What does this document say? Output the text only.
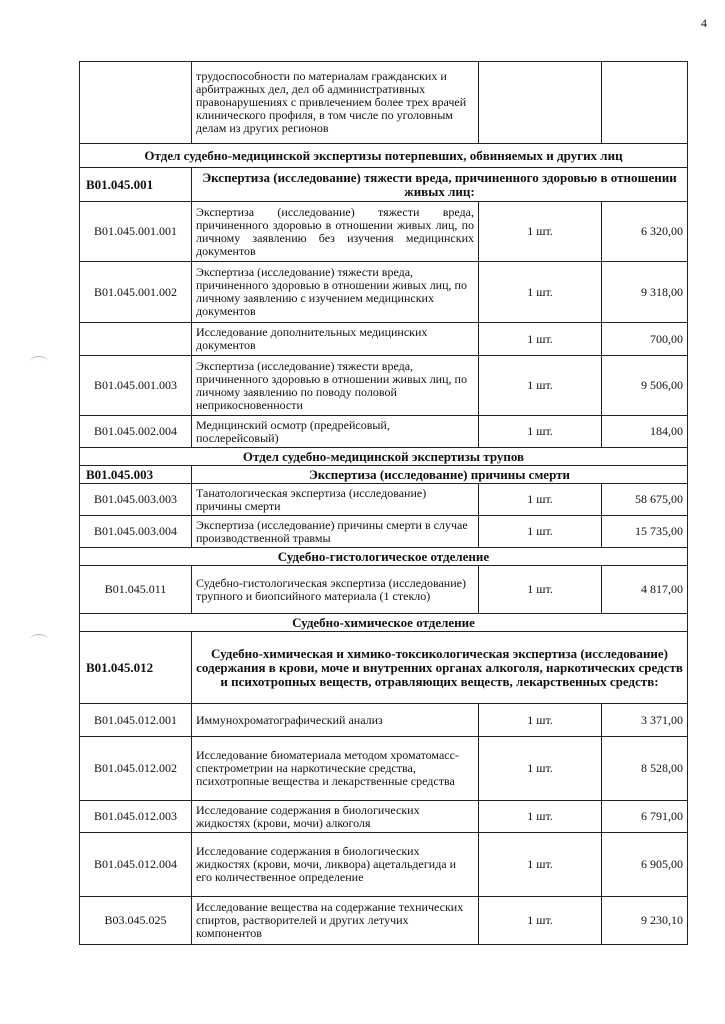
4
	трудоспособности по материалам гражданских и арбитражных дел, дел об административных правонарушениях с привлечением более трех врачей клинического профиля, в том числе по уголовным делам из других регионов		
Отдел судебно-медицинской экспертизы потерпевших, обвиняемых и других лиц			
В01.045.001	Экспертиза (исследование) тяжести вреда, причиненного здоровью в отношении живых лиц:		
В01.045.001.001	Экспертиза (исследование) тяжести вреда, причиненного здоровью в отношении живых лиц, по личному заявлению без изучения медицинских документов	1 шт.	6 320,00
В01.045.001.002	Экспертиза (исследование) тяжести вреда, причиненного здоровью в отношении живых лиц, по личному заявлению с изучением медицинских документов	1 шт.	9 318,00
	Исследование дополнительных медицинских документов	1 шт.	700,00
В01.045.001.003	Экспертиза (исследование) тяжести вреда, причиненного здоровью в отношении живых лиц, по личному заявлению по поводу половой неприкосновенности	1 шт.	9 506,00
В01.045.002.004	Медицинский осмотр (предрейсовый, послерейсовый)	1 шт.	184,00
Отдел судебно-медицинской экспертизы трупов			
В01.045.003	Экспертиза (исследование) причины смерти		
В01.045.003.003	Танатологическая экспертиза (исследование) причины смерти	1 шт.	58 675,00
В01.045.003.004	Экспертиза (исследование) причины смерти в случае производственной травмы	1 шт.	15 735,00
Судебно-гистологическое отделение			
В01.045.011	Судебно-гистологическая экспертиза (исследование) трупного и биопсийного материала (1 стекло)	1 шт.	4 817,00
Судебно-химическое отделение			
В01.045.012	Судебно-химическая и химико-токсикологическая экспертиза (исследование) содержания в крови, моче и внутренних органах алкоголя, наркотических средств и психотропных веществ, отравляющих веществ, лекарственных средств:		
В01.045.012.001	Иммунохроматографический анализ	1 шт.	3 371,00
В01.045.012.002	Исследование биоматериала методом хроматомасс-спектрометрии на наркотические средства, психотропные вещества и лекарственные средства	1 шт.	8 528,00
В01.045.012.003	Исследование содержания в биологических жидкостях (крови, мочи) алкоголя	1 шт.	6 791,00
В01.045.012.004	Исследование содержания в биологических жидкостях (крови, мочи, ликвора) ацетальдегида и его количественное определение	1 шт.	6 905,00
В03.045.025	Исследование вещества на содержание технических спиртов, растворителей и других летучих компонентов	1 шт.	9 230,10
